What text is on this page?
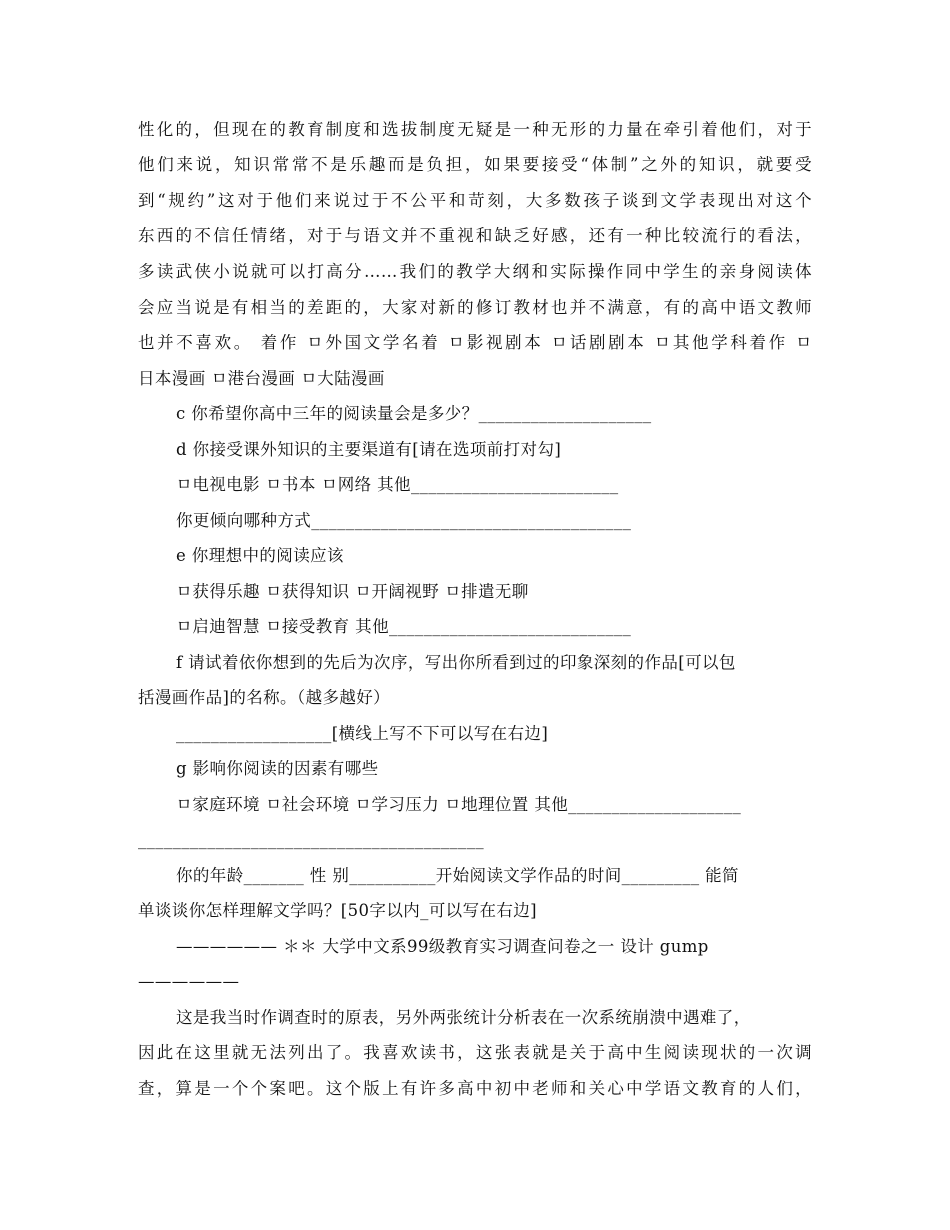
性化的，但现在的教育制度和选拔制度无疑是一种无形的力量在牵引着他们，对于
他们来说，知识常常不是乐趣而是负担，如果要接受“体制”之外的知识，就要受
到“规约”这对于他们来说过于不公平和苛刻，大多数孩子谈到文学表现出对这个
东西的不信任情绪，对于与语文并不重视和缺乏好感，还有一种比较流行的看法，
多读武侠小说就可以打高分……我们的教学大纲和实际操作同中学生的亲身阅读体
会应当说是有相当的差距的，大家对新的修订教材也并不满意，有的高中语文教师
也并不喜欢。 着作 ㅁ外国文学名着 ㅁ影视剧本 ㅁ话剧剧本 ㅁ其他学科着作 ㅁ
日本漫画 ㅁ港台漫画 ㅁ大陆漫画
c 你希望你高中三年的阅读量会是多少？____________________
d 你接受课外知识的主要渠道有[请在选项前打对勾]
ㅁ电视电影 ㅁ书本 ㅁ网络 其他________________________
你更倾向哪种方式_____________________________________
e 你理想中的阅读应该
ㅁ获得乐趣 ㅁ获得知识 ㅁ开阔视野 ㅁ排遣无聊
ㅁ启迪智慧 ㅁ接受教育 其他____________________________
f 请试着依你想到的先后为次序，写出你所看到过的印象深刻的作品[可以包
括漫画作品]的名称。（越多越好）
__________________[横线上写不下可以写在右边]
g 影响你阅读的因素有哪些
ㅁ家庭环境 ㅁ社会环境 ㅁ学习压力 ㅁ地理位置 其他____________________
________________________________________
你的年龄_______ 性 别__________开始阅读文学作品的时间_________ 能简
单谈谈你怎样理解文学吗？[50字以内_可以写在右边]
—————— ＊＊ 大学中文系99级教育实习调查问卷之一 设计 gump
——————
这是我当时作调查时的原表，另外两张统计分析表在一次系统崩溃中遇难了，
因此在这里就无法列出了。我喜欢读书，这张表就是关于高中生阅读现状的一次调
查，算是一个个案吧。这个版上有许多高中初中老师和关心中学语文教育的人们，
